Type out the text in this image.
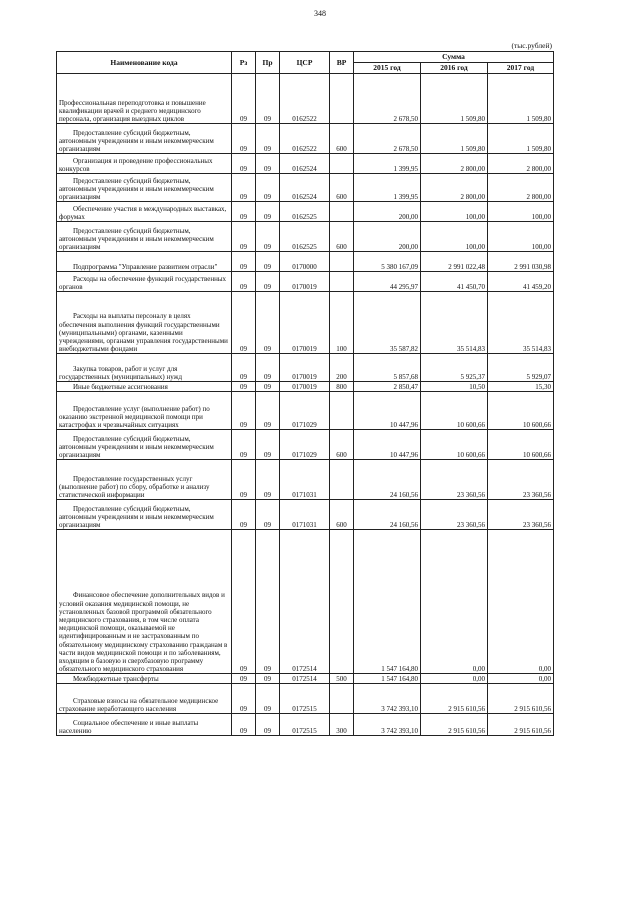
348
(тыс.рублей)
Наименование кода	Рз	Пр	ЦСР	ВР	Сумма		
					2015 год	2016 год	2017 год
Профессиональная переподготовка и повышение квалификации врачей и среднего медицинского персонала, организация выездных циклов	09	09	0162522		2 678,50	1 509,80	1 509,80
Предоставление субсидий бюджетным, автономным учреждениям и иным некоммерческим организациям	09	09	0162522	600	2 678,50	1 509,80	1 509,80
Организация и проведение профессиональных конкурсов	09	09	0162524		1 399,95	2 800,00	2 800,00
Предоставление субсидий бюджетным, автономным учреждениям и иным некоммерческим организациям	09	09	0162524	600	1 399,95	2 800,00	2 800,00
Обеспечение участия в международных выставках, форумах	09	09	0162525		200,00	100,00	100,00
Предоставление субсидий бюджетным, автономным учреждениям и иным некоммерческим организациям	09	09	0162525	600	200,00	100,00	100,00
Подпрограмма "Управление развитием отрасли"	09	09	0170000		5 380 167,09	2 991 022,48	2 991 030,98
Расходы на обеспечение функций государственных органов	09	09	0170019		44 295,97	41 450,70	41 459,20
Расходы на выплаты персоналу в целях обеспечения выполнения функций государственными (муниципальными) органами, казенными учреждениями, органами управления государственными внебюджетными фондами	09	09	0170019	100	35 587,82	35 514,83	35 514,83
Закупка товаров, работ и услуг для государственных (муниципальных) нужд	09	09	0170019	200	5 857,68	5 925,37	5 929,07
Иные бюджетные ассигнования	09	09	0170019	800	2 850,47	10,50	15,30
Предоставление услуг (выполнение работ) по оказанию экстренной медицинской помощи при катастрофах и чрезвычайных ситуациях	09	09	0171029		10 447,96	10 600,66	10 600,66
Предоставление субсидий бюджетным, автономным учреждениям и иным некоммерческим организациям	09	09	0171029	600	10 447,96	10 600,66	10 600,66
Предоставление государственных услуг (выполнение работ) по сбору, обработке и анализу статистической информации	09	09	0171031		24 160,56	23 360,56	23 360,56
Предоставление субсидий бюджетным, автономным учреждениям и иным некоммерческим организациям	09	09	0171031	600	24 160,56	23 360,56	23 360,56
Финансовое обеспечение дополнительных видов и условий оказания медицинской помощи, не установленных базовой программой обязательного медицинского страхования, в том числе оплата медицинской помощи, оказываемой не идентифицированным и не застрахованным по обязательному медицинскому страхованию гражданам в части видов медицинской помощи и по заболеваниям, входящим в базовую и сверхбазовую программу обязательного медицинского страхования	09	09	0172514		1 547 164,80	0,00	0,00
Межбюджетные трансферты	09	09	0172514	500	1 547 164,80	0,00	0,00
Страховые взносы на обязательное медицинское страхование неработающего населения	09	09	0172515		3 742 393,10	2 915 610,56	2 915 610,56
Социальное обеспечение и иные выплаты населению	09	09	0172515	300	3 742 393,10	2 915 610,56	2 915 610,56
